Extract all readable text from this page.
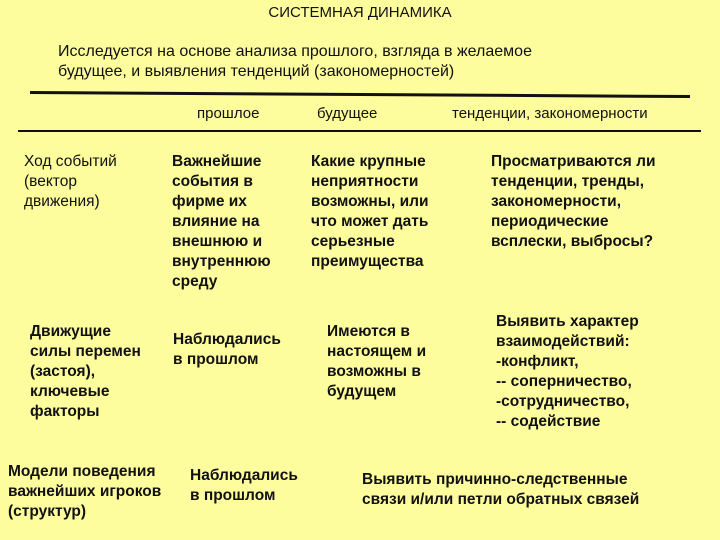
СИСТЕМНАЯ ДИНАМИКА
Исследуется на основе анализа прошлого, взгляда в желаемое
будущее, и выявления тенденций (закономерностей)
прошлое	будущее	тенденции, закономерности
Ход событий
(вектор
движения)
Важнейшие
события в
фирме их
влияние на
внешнюю и
внутреннюю
среду
Какие крупные
неприятности
возможны, или
что может дать
серьезные
преимущества
Просматриваются ли
тенденции, тренды,
закономерности,
периодические
всплески, выбросы?
Движущие
силы перемен
(застоя),
ключевые
факторы
Наблюдались
в прошлом
Имеются в
настоящем и
возможны в
будущем
Выявить характер
взаимодействий:
-конфликт,
-- соперничество,
-сотрудничество,
-- содействие
Модели поведения
важнейших игроков
(структур)
Наблюдались
в прошлом
Выявить причинно-следственные
связи и/или петли обратных связей
